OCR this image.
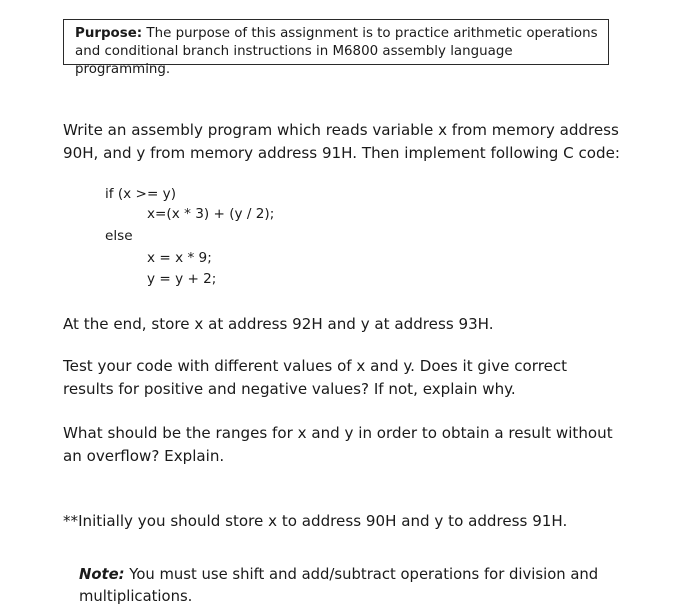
Purpose: The purpose of this assignment is to practice arithmetic operations
and conditional branch instructions in M6800 assembly language programming.
Write an assembly program which reads variable x from memory address
90H, and y from memory address 91H. Then implement following C code:
if (x >= y)
x=(x * 3) + (y / 2);
else
x = x * 9;
y = y + 2;
At the end, store x at address 92H and y at address 93H.
Test your code with different values of x and y. Does it give correct
results for positive and negative values? If not, explain why.
What should be the ranges for x and y in order to obtain a result without
an overflow? Explain.
**Initially you should store x to address 90H and y to address 91H.
Note: You must use shift and add/subtract operations for division and
multiplications.
